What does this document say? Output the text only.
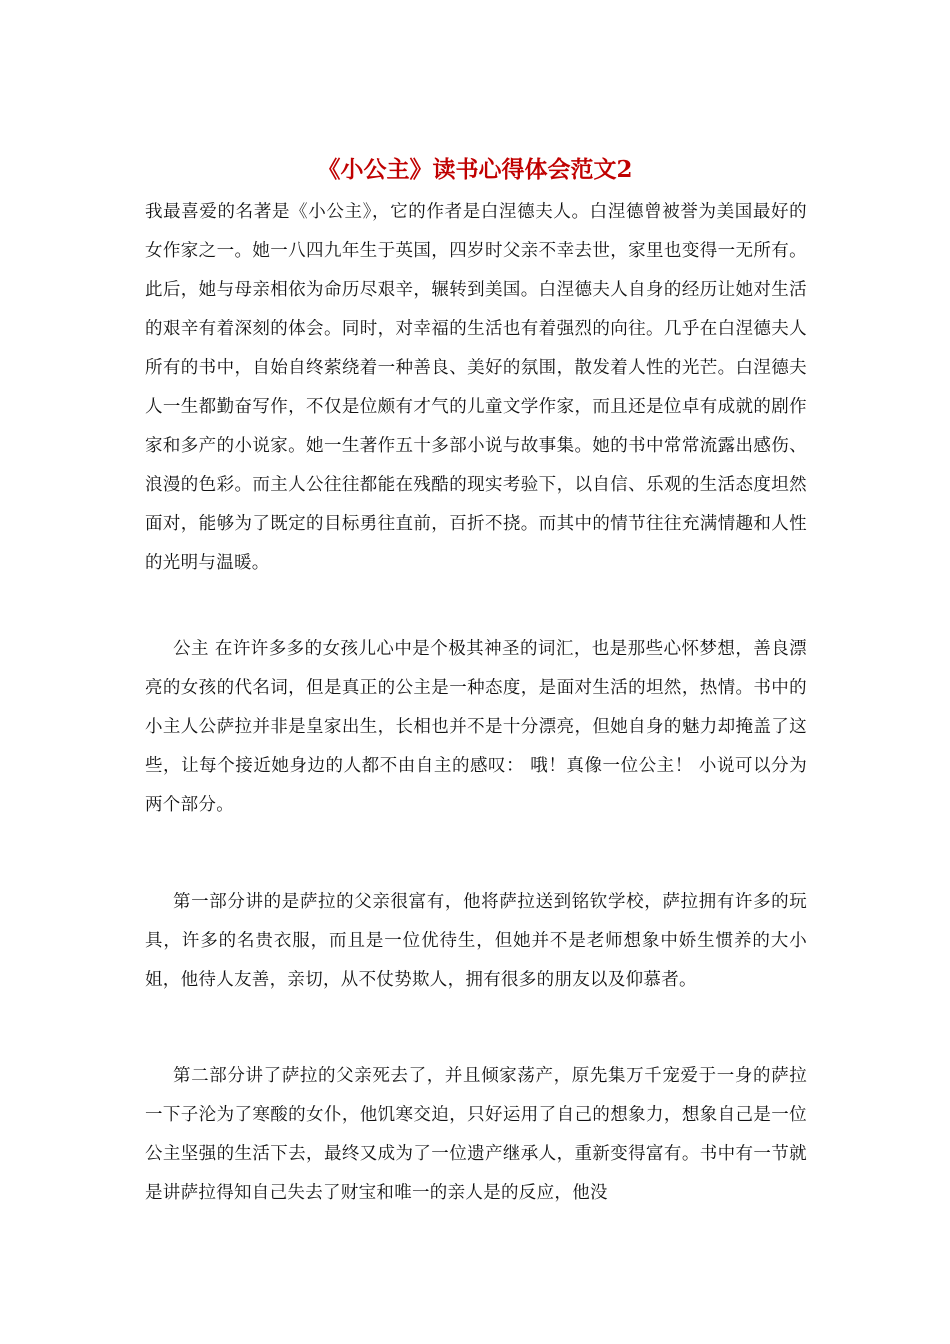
《小公主》读书心得体会范文2

我最喜爱的名著是《小公主》，它的作者是白涅德夫人。白涅德曾被誉为美国最好的女作家之一。她一八四九年生于英国，四岁时父亲不幸去世，家里也变得一无所有。此后，她与母亲相依为命历尽艰辛，辗转到美国。白涅德夫人自身的经历让她对生活的艰辛有着深刻的体会。同时，对幸福的生活也有着强烈的向往。几乎在白涅德夫人所有的书中，自始自终萦绕着一种善良、美好的氛围，散发着人性的光芒。白涅德夫人一生都勤奋写作，不仅是位颇有才气的儿童文学作家，而且还是位卓有成就的剧作家和多产的小说家。她一生著作五十多部小说与故事集。她的书中常常流露出感伤、浪漫的色彩。而主人公往往都能在残酷的现实考验下，以自信、乐观的生活态度坦然面对，能够为了既定的目标勇往直前，百折不挠。而其中的情节往往充满情趣和人性的光明与温暖。

公主 在许许多多的女孩儿心中是个极其神圣的词汇，也是那些心怀梦想，善良漂亮的女孩的代名词，但是真正的公主是一种态度，是面对生活的坦然，热情。书中的小主人公萨拉并非是皇家出生，长相也并不是十分漂亮，但她自身的魅力却掩盖了这些，让每个接近她身边的人都不由自主的感叹： 哦！真像一位公主！ 小说可以分为两个部分。

第一部分讲的是萨拉的父亲很富有，他将萨拉送到铭钦学校，萨拉拥有许多的玩具，许多的名贵衣服，而且是一位优待生，但她并不是老师想象中娇生惯养的大小姐，他待人友善，亲切，从不仗势欺人，拥有很多的朋友以及仰慕者。

第二部分讲了萨拉的父亲死去了，并且倾家荡产，原先集万千宠爱于一身的萨拉一下子沦为了寒酸的女仆，他饥寒交迫，只好运用了自己的想象力，想象自己是一位公主坚强的生活下去，最终又成为了一位遗产继承人，重新变得富有。书中有一节就是讲萨拉得知自己失去了财宝和唯一的亲人是的反应，他没
